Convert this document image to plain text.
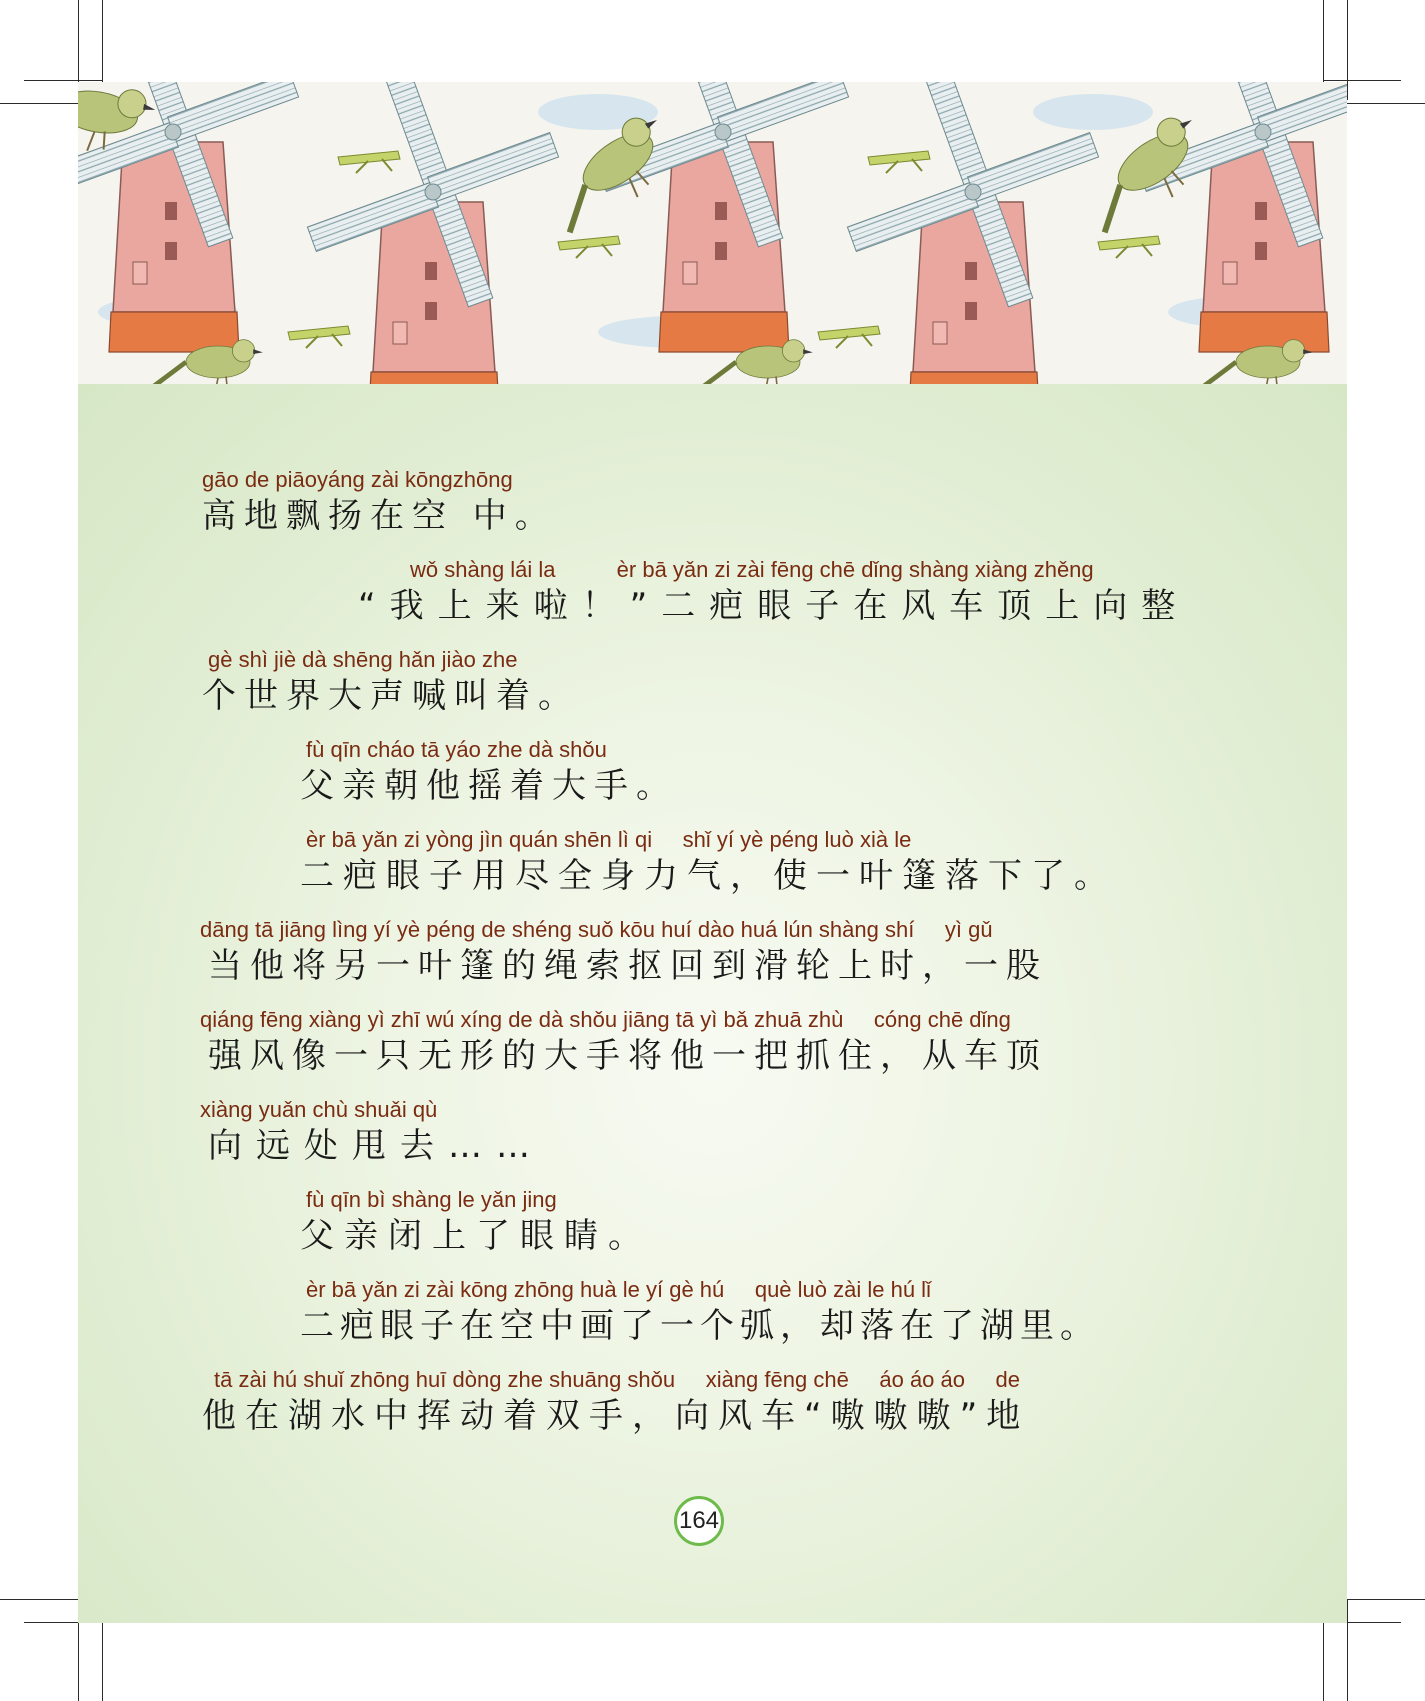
gāo de piāoyáng zài kōngzhōng
高地飘扬在空 中。
wǒ shàng lái la          èr bā yǎn zi zài fēng chē dǐng shàng xiàng zhěng
“我上来啦！”二疤眼子在风车顶上向整
gè shì jiè dà shēng hǎn jiào zhe
个世界大声喊叫着。
fù qīn cháo tā yáo zhe dà shǒu
父亲朝他摇着大手。
èr bā yǎn zi yòng jìn quán shēn lì qi     shǐ yí yè péng luò xià le
二疤眼子用尽全身力气，使一叶篷落下了。
dāng tā jiāng lìng yí yè péng de shéng suǒ kōu huí dào huá lún shàng shí     yì gǔ
当他将另一叶篷的绳索抠回到滑轮上时，一股
qiáng fēng xiàng yì zhī wú xíng de dà shǒu jiāng tā yì bǎ zhuā zhù     cóng chē dǐng
强风像一只无形的大手将他一把抓住，从车顶
xiàng yuǎn chù shuǎi qù
向远处甩去……
fù qīn bì shàng le yǎn jing
父亲闭上了眼睛。
èr bā yǎn zi zài kōng zhōng huà le yí gè hú     què luò zài le hú lǐ
二疤眼子在空中画了一个弧，却落在了湖里。
tā zài hú shuǐ zhōng huī dòng zhe shuāng shǒu     xiàng fēng chē     áo áo áo     de
他在湖水中挥动着双手，向风车“嗷嗷嗷”地
164
